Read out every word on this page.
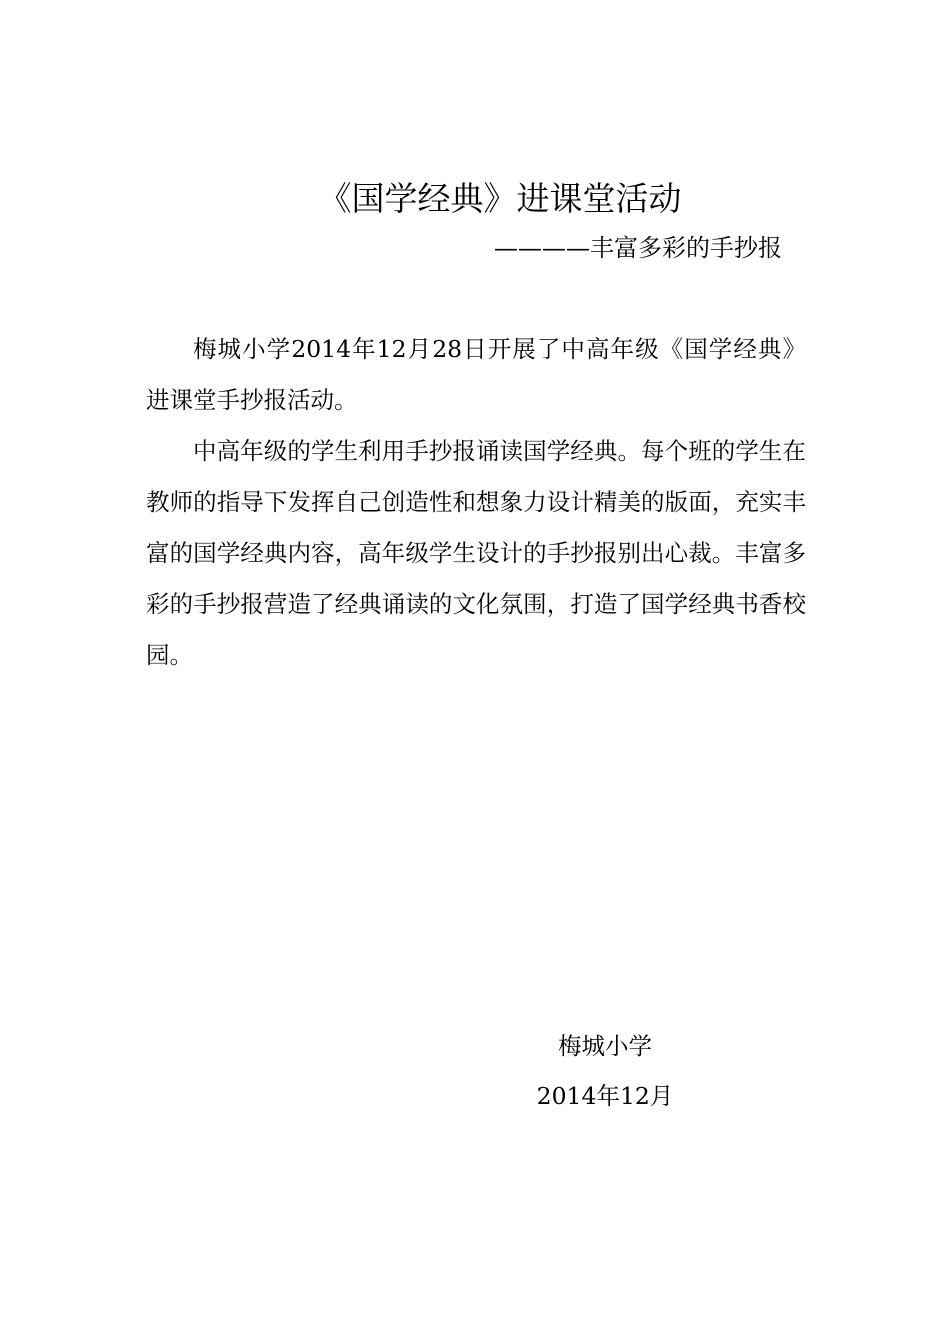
《国学经典》进课堂活动
————丰富多彩的手抄报

梅城小学2014年12月28日开展了中高年级《国学经典》进课堂手抄报活动。

中高年级的学生利用手抄报诵读国学经典。每个班的学生在教师的指导下发挥自己创造性和想象力设计精美的版面，充实丰富的国学经典内容，高年级学生设计的手抄报别出心裁。丰富多彩的手抄报营造了经典诵读的文化氛围，打造了国学经典书香校园。

梅城小学
2014年12月
